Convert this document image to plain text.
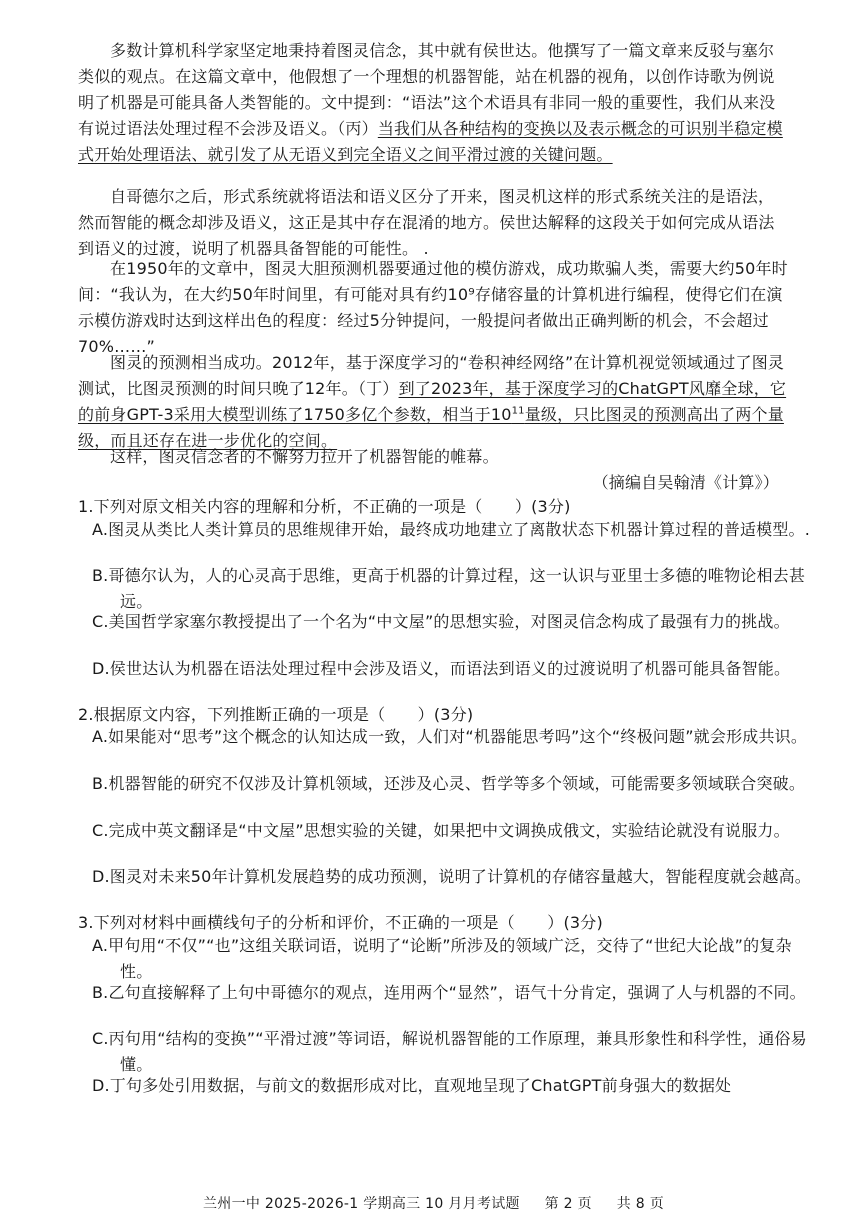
多数计算机科学家坚定地秉持着图灵信念，其中就有侯世达。他撰写了一篇文章来反驳与塞尔类似的观点。在这篇文章中，他假想了一个理想的机器智能，站在机器的视角，以创作诗歌为例说明了机器是可能具备人类智能的。文中提到：“语法”这个术语具有非同一般的重要性，我们从来没有说过语法处理过程不会涉及语义。（丙）当我们从各种结构的变换以及表示概念的可识别半稳定模式开始处理语法、就引发了从无语义到完全语义之间平滑过渡的关键问题。

自哥德尔之后，形式系统就将语法和语义区分了开来，图灵机这样的形式系统关注的是语法，然而智能的概念却涉及语义，这正是其中存在混淆的地方。侯世达解释的这段关于如何完成从语法到语义的过渡，说明了机器具备智能的可能性。 .

在1950年的文章中，图灵大胆预测机器要通过他的模仿游戏，成功欺骗人类，需要大约50年时间：“我认为，在大约50年时间里，有可能对具有约10⁹存储容量的计算机进行编程，使得它们在演示模仿游戏时达到这样出色的程度：经过5分钟提问，一般提问者做出正确判断的机会，不会超过70%……”

图灵的预测相当成功。2012年，基于深度学习的“卷积神经网络”在计算机视觉领域通过了图灵测试，比图灵预测的时间只晚了12年。（丁）到了2023年，基于深度学习的ChatGPT风靡全球，它的前身GPT-3采用大模型训练了1750多亿个参数，相当于$10^{11}$量级，只比图灵的预测高出了两个量级，而且还存在进一步优化的空间。

这样，图灵信念者的不懈努力拉开了机器智能的帷幕。

（摘编自吴翰清《计算》）

1.下列对原文相关内容的理解和分析，不正确的一项是（　　）(3分)

A.图灵从类比人类计算员的思维规律开始，最终成功地建立了离散状态下机器计算过程的普适模型。.

B.哥德尔认为，人的心灵高于思维，更高于机器的计算过程，这一认识与亚里士多德的唯物论相去甚远。

C.美国哲学家塞尔教授提出了一个名为“中文屋”的思想实验，对图灵信念构成了最强有力的挑战。

D.侯世达认为机器在语法处理过程中会涉及语义，而语法到语义的过渡说明了机器可能具备智能。

2.根据原文内容，下列推断正确的一项是（　　）(3分)

A.如果能对“思考”这个概念的认知达成一致，人们对“机器能思考吗”这个“终极问题”就会形成共识。

B.机器智能的研究不仅涉及计算机领域，还涉及心灵、哲学等多个领域，可能需要多领域联合突破。

C.完成中英文翻译是“中文屋”思想实验的关键，如果把中文调换成俄文，实验结论就没有说服力。

D.图灵对未来50年计算机发展趋势的成功预测，说明了计算机的存储容量越大，智能程度就会越高。

3.下列对材料中画横线句子的分析和评价，不正确的一项是（　　）(3分)

A.甲句用“不仅”“也”这组关联词语，说明了“论断”所涉及的领域广泛，交待了“世纪大论战”的复杂性。

B.乙句直接解释了上句中哥德尔的观点，连用两个“显然”，语气十分肯定，强调了人与机器的不同。

C.丙句用“结构的变换”“平滑过渡”等词语，解说机器智能的工作原理，兼具形象性和科学性，通俗易懂。

D.丁句多处引用数据，与前文的数据形成对比，直观地呈现了ChatGPT前身强大的数据处

兰州一中 2025-2026-1 学期高三 10 月月考试题 第 2 页 共 8 页
